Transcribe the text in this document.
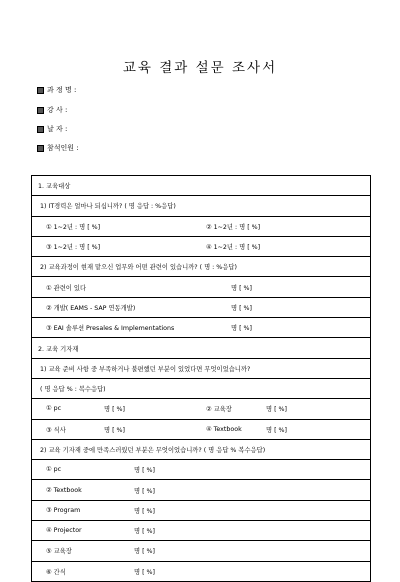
교육 결과 설문 조사서
과 정 명 :
강 사 :
날 자 :
참석인원 :
1. 교육대상
1) IT경력은 얼마나 되십니까? ( 명 응답 : %응답)

① 1~2년 : 명 [ %]	② 1~2년 : 명 [ %]

③ 1~2년 : 명 [ %]	④ 1~2년 : 명 [ %]

2) 교육과정이 현재 맡으신 업무와 어떤 관련이 있습니까? ( 명 : %응답)

① 관련이 있다	명 [ %]

② 개발( EAMS - SAP 연동개발)	명 [ %]

③ EAI 솔루션 Presales & Implementations	명 [ %]

2. 교육 기자재
1) 교육 준비 사항 중 부족하거나 불편했던 부분이 있었다면 무엇이었습니까?
( 명 응답 % : 복수응답)

① pc	명 [ %]	② 교육장	명 [ %]

③ 식사	명 [ %]	④ Textbook	명 [ %]

2) 교육 기자재 중에 만족스러웠던 부분은 무엇이었습니까? ( 명 응답 % 복수응답)

① pc	명 [ %]

② Textbook	명 [ %]

③ Program	명 [ %]

④ Projector	명 [ %]

⑤ 교육장	명 [ %]

⑥ 간식	명 [ %]
